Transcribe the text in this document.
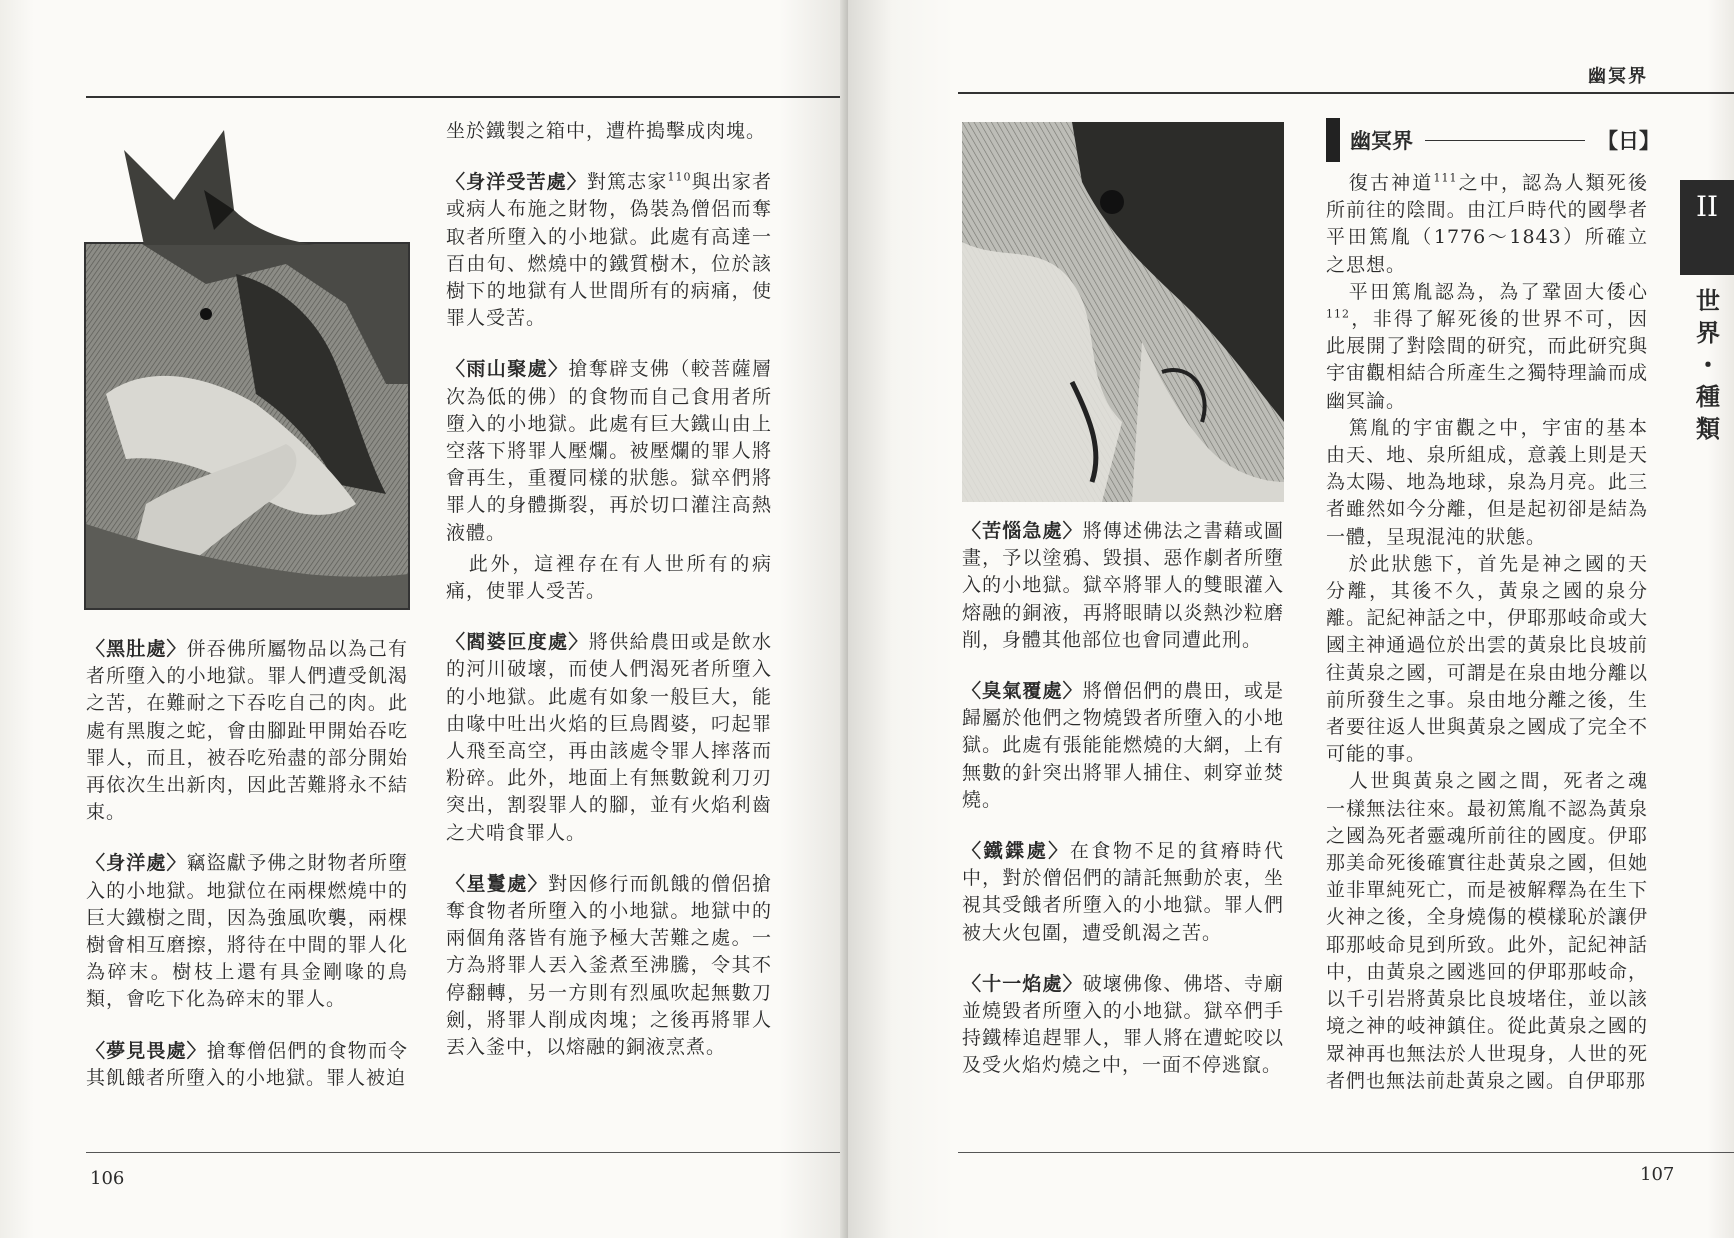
〈黑肚處〉併吞佛所屬物品以為己有者所墮入的小地獄。罪人們遭受飢渴之苦，在難耐之下吞吃自己的肉。此處有黑腹之蛇，會由腳趾甲開始吞吃罪人，而且，被吞吃殆盡的部分開始再依次生出新肉，因此苦難將永不結束。

〈身洋處〉竊盜獻予佛之財物者所墮入的小地獄。地獄位在兩棵燃燒中的巨大鐵樹之間，因為強風吹襲，兩棵樹會相互磨擦，將待在中間的罪人化為碎末。樹枝上還有具金剛喙的鳥類，會吃下化為碎末的罪人。

〈夢見畏處〉搶奪僧侶們的食物而令其飢餓者所墮入的小地獄。罪人被迫

坐於鐵製之箱中，遭杵搗擊成肉塊。

〈身洋受苦處〉對篤志家$^{110}$與出家者或病人布施之財物，偽裝為僧侶而奪取者所墮入的小地獄。此處有高達一百由旬、燃燒中的鐵質樹木，位於該樹下的地獄有人世間所有的病痛，使罪人受苦。

〈雨山聚處〉搶奪辟支佛（較菩薩層次為低的佛）的食物而自己食用者所墮入的小地獄。此處有巨大鐵山由上空落下將罪人壓爛。被壓爛的罪人將會再生，重覆同樣的狀態。獄卒們將罪人的身體撕裂，再於切口灌注高熱液體。

此外，這裡存在有人世所有的病痛，使罪人受苦。

〈閻婆叵度處〉將供給農田或是飲水的河川破壞，而使人們渴死者所墮入的小地獄。此處有如象一般巨大，能由喙中吐出火焰的巨鳥閻婆，叼起罪人飛至高空，再由該處令罪人摔落而粉碎。此外，地面上有無數銳利刀刃突出，割裂罪人的腳，並有火焰利齒之犬啃食罪人。

〈星鬘處〉對因修行而飢餓的僧侶搶奪食物者所墮入的小地獄。地獄中的兩個角落皆有施予極大苦難之處。一方為將罪人丟入釜煮至沸騰，令其不停翻轉，另一方則有烈風吹起無數刀劍，將罪人削成肉塊；之後再將罪人丟入釜中，以熔融的銅液烹煮。

106
幽冥界

〈苦惱急處〉將傳述佛法之書藉或圖畫，予以塗鴉、毀損、惡作劇者所墮入的小地獄。獄卒將罪人的雙眼灌入熔融的銅液，再將眼睛以炎熱沙粒磨削，身體其他部位也會同遭此刑。

〈臭氣覆處〉將僧侶們的農田，或是歸屬於他們之物燒毀者所墮入的小地獄。此處有張能能燃燒的大網，上有無數的針突出將罪人捕住、刺穿並焚燒。

〈鐵鍱處〉在食物不足的貧瘠時代中，對於僧侶們的請託無動於衷，坐視其受餓者所墮入的小地獄。罪人們被大火包圍，遭受飢渴之苦。

〈十一焰處〉破壞佛像、佛塔、寺廟並燒毀者所墮入的小地獄。獄卒們手持鐵棒追趕罪人，罪人將在遭蛇咬以及受火焰灼燒之中，一面不停逃竄。

幽冥界	【日】

復古神道$^{111}$之中，認為人類死後所前往的陰間。由江戶時代的國學者平田篤胤（1776～1843）所確立之思想。

平田篤胤認為，為了鞏固大倭心$^{112}$，非得了解死後的世界不可，因此展開了對陰間的研究，而此研究與宇宙觀相結合所產生之獨特理論而成幽冥論。

篤胤的宇宙觀之中，宇宙的基本由天、地、泉所組成，意義上則是天為太陽、地為地球，泉為月亮。此三者雖然如今分離，但是起初卻是結為一體，呈現混沌的狀態。

於此狀態下，首先是神之國的天分離，其後不久，黃泉之國的泉分離。記紀神話之中，伊耶那岐命或大國主神通過位於出雲的黃泉比良坡前往黃泉之國，可謂是在泉由地分離以前所發生之事。泉由地分離之後，生者要往返人世與黃泉之國成了完全不可能的事。

人世與黃泉之國之間，死者之魂一樣無法往來。最初篤胤不認為黃泉之國為死者靈魂所前往的國度。伊耶那美命死後確實往赴黃泉之國，但她並非單純死亡，而是被解釋為在生下火神之後，全身燒傷的模樣恥於讓伊耶那岐命見到所致。此外，記紀神話中，由黃泉之國逃回的伊耶那岐命，以千引岩將黃泉比良坡堵住，並以該境之神的岐神鎮住。從此黃泉之國的眾神再也無法於人世現身，人世的死者們也無法前赴黃泉之國。自伊耶那

107
II
世
界
・
種
類
